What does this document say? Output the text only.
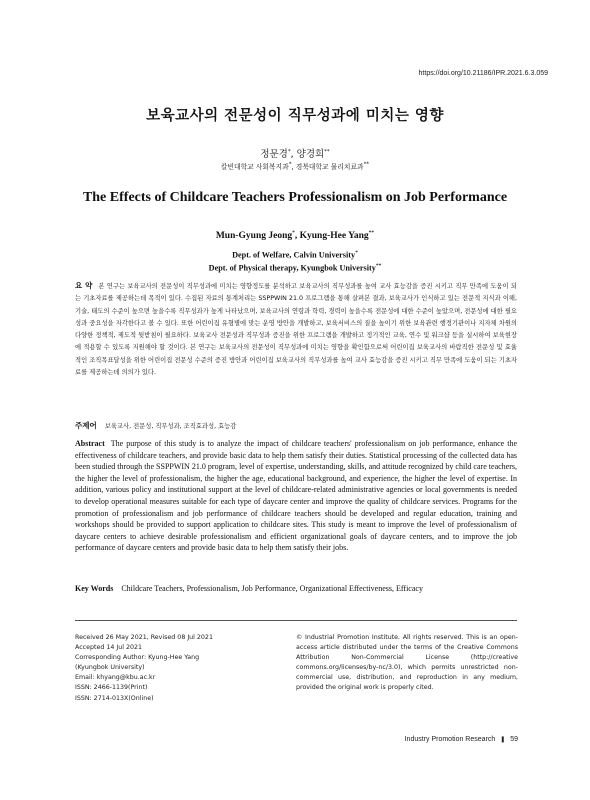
https://doi.org/10.21186/IPR.2021.6.3.059
보육교사의 전문성이 직무성과에 미치는 영향
정문경*, 양경희**
칼빈대학교 사회복지과*, 경북대학교 물리치료과**
The Effects of Childcare Teachers Professionalism on Job Performance
Mun-Gyung Jeong*, Kyung-Hee Yang**
Dept. of Welfare, Calvin University*
Dept. of Physical therapy, Kyungbok University**
요 약 본 연구는 보육교사의 전문성이 직무성과에 미치는 영향정도를 분석하고 보육교사의 직무성과를 높여 교사 효능감을 증진 시키고 직무 만족에 도움이 되는 기초자료를 제공하는데 목적이 있다. 수집된 자료의 통계처리는 SSPPWIN 21.0 프로그램을 통해 살펴본 결과, 보육교사가 인식하고 있는 전문적 지식과 이해, 기술, 태도의 수준이 높으면 높을수록 직무성과가 높게 나타났으며, 보육교사의 연령과 학력, 경력이 높을수록 전문성에 대한 수준이 높았으며, 전문성에 대한 필요성과 중요성을 자각한다고 볼 수 있다. 또한 어린이집 유형별에 맞는 운영 방안을 개발하고, 보육서비스의 질을 높이기 위한 보육관련 행정기관이나 지자체 차원의 다양한 정책적, 제도적 뒷받침이 필요하다. 보육교사 전문성과 직무성과 증진을 위한 프로그램을 개발하고 정기적인 교육, 연수 및 워크샵 등을 실시하여 보육현장에 적용할 수 있도록 지원해야 할 것이다. 본 연구는 보육교사의 전문성이 직무성과에 미치는 영향을 확인함으로써 어린이집 보육교사의 바람직한 전문성 및 효율적인 조직목표달성을 위한 어린이집 전문성 수준의 증진 방안과 어린이집 보육교사의 직무성과를 높여 교사 효능감을 증진 시키고 직무 만족에 도움이 되는 기초자료를 제공하는데 의의가 있다.
주제어 보육교사, 전문성, 직무성과, 조직효과성, 효능감
Abstract The purpose of this study is to analyze the impact of childcare teachers' professionalism on job performance, enhance the effectiveness of childcare teachers, and provide basic data to help them satisfy their duties. Statistical processing of the collected data has been studied through the SSPPWIN 21.0 program, level of expertise, understanding, skills, and attitude recognized by child care teachers, the higher the level of professionalism, the higher the age, educational background, and experience, the higher the level of expertise. In addition, various policy and institutional support at the level of childcare-related administrative agencies or local governments is needed to develop operational measures suitable for each type of daycare center and improve the quality of childcare services. Programs for the promotion of professionalism and job performance of childcare teachers should be developed and regular education, training and workshops should be provided to support application to childcare sites. This study is meant to improve the level of professionalism of daycare centers to achieve desirable professionalism and efficient organizational goals of daycare centers, and to improve the job performance of daycare centers and provide basic data to help them satisfy their jobs.
Key Words Childcare Teachers, Professionalism, Job Performance, Organizational Effectiveness, Efficacy
Received 26 May 2021, Revised 08 Jul 2021
Accepted 14 Jul 2021
Corresponding Author: Kyung-Hee Yang
(Kyungbok University)
Email: khyang@kbu.ac.kr
ISSN: 2466-1139(Print)
ISSN: 2714-013X(Online)
© Industrial Promotion Institute. All rights reserved. This is an open-access article distributed under the terms of the Creative Commons Attribution Non-Commercial License (http://creative commons.org/licenses/by-nc/3.0), which permits unrestricted non-commercial use, distribution, and reproduction in any medium, provided the original work is properly cited.
Industry Promotion Research ❚ 59
